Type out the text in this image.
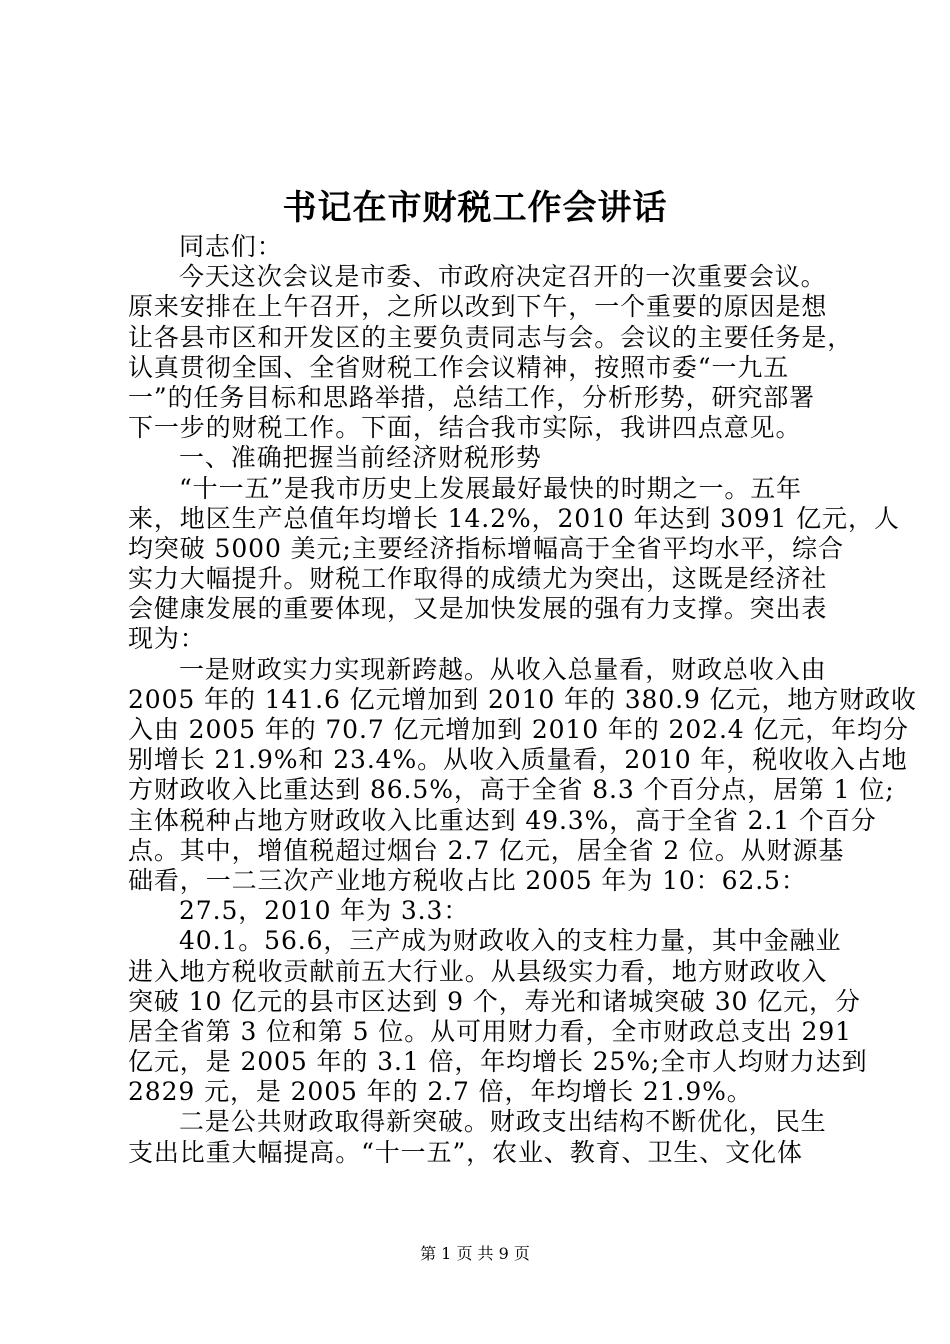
书记在市财税工作会讲话
同志们：
今天这次会议是市委、市政府决定召开的一次重要会议。
原来安排在上午召开，之所以改到下午，一个重要的原因是想
让各县市区和开发区的主要负责同志与会。会议的主要任务是，
认真贯彻全国、全省财税工作会议精神，按照市委“一九五
一”的任务目标和思路举措，总结工作，分析形势，研究部署
下一步的财税工作。下面，结合我市实际，我讲四点意见。
一、准确把握当前经济财税形势
“十一五”是我市历史上发展最好最快的时期之一。五年
来，地区生产总值年均增长 14.2%，2010 年达到 3091 亿元，人
均突破 5000 美元;主要经济指标增幅高于全省平均水平，综合
实力大幅提升。财税工作取得的成绩尤为突出，这既是经济社
会健康发展的重要体现，又是加快发展的强有力支撑。突出表
现为：
一是财政实力实现新跨越。从收入总量看，财政总收入由
2005 年的 141.6 亿元增加到 2010 年的 380.9 亿元，地方财政收
入由 2005 年的 70.7 亿元增加到 2010 年的 202.4 亿元，年均分
别增长 21.9%和 23.4%。从收入质量看，2010 年，税收收入占地
方财政收入比重达到 86.5%，高于全省 8.3 个百分点，居第 1 位;
主体税种占地方财政收入比重达到 49.3%，高于全省 2.1 个百分
点。其中，增值税超过烟台 2.7 亿元，居全省 2 位。从财源基
础看，一二三次产业地方税收占比 2005 年为 10：62.5：
27.5，2010 年为 3.3：
40.1。56.6，三产成为财政收入的支柱力量，其中金融业
进入地方税收贡献前五大行业。从县级实力看，地方财政收入
突破 10 亿元的县市区达到 9 个，寿光和诸城突破 30 亿元，分
居全省第 3 位和第 5 位。从可用财力看，全市财政总支出 291
亿元，是 2005 年的 3.1 倍，年均增长 25%;全市人均财力达到
2829 元，是 2005 年的 2.7 倍，年均增长 21.9%。
二是公共财政取得新突破。财政支出结构不断优化，民生
支出比重大幅提高。“十一五”，农业、教育、卫生、文化体
第 1 页 共 9 页
